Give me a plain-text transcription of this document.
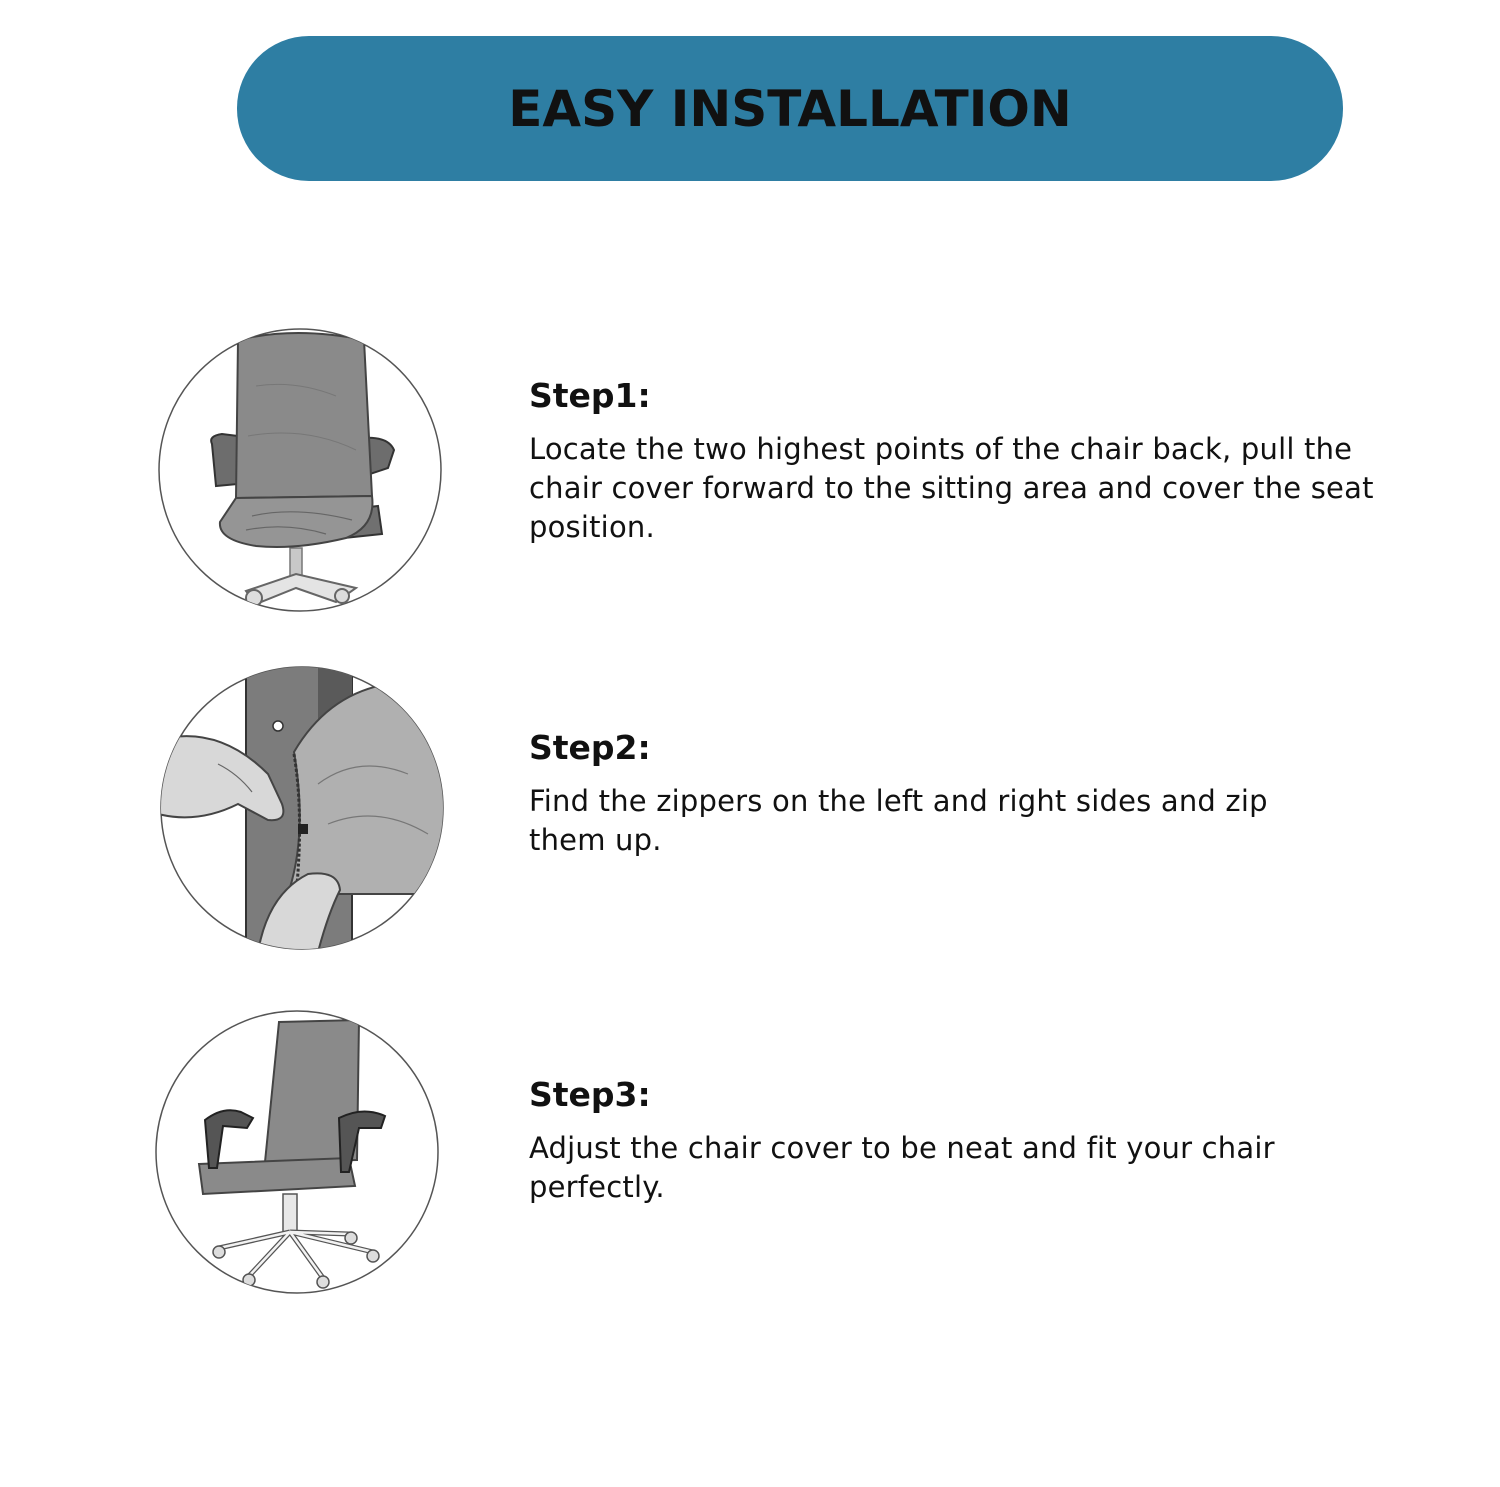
EASY INSTALLATION
Step1:
Locate the two highest points of the chair back, pull the chair cover forward to the sitting area and cover the seat position.
Step2:
Find the zippers on the left and right sides and zip them up.
Step3:
Adjust the chair cover to be neat and fit your chair perfectly.
